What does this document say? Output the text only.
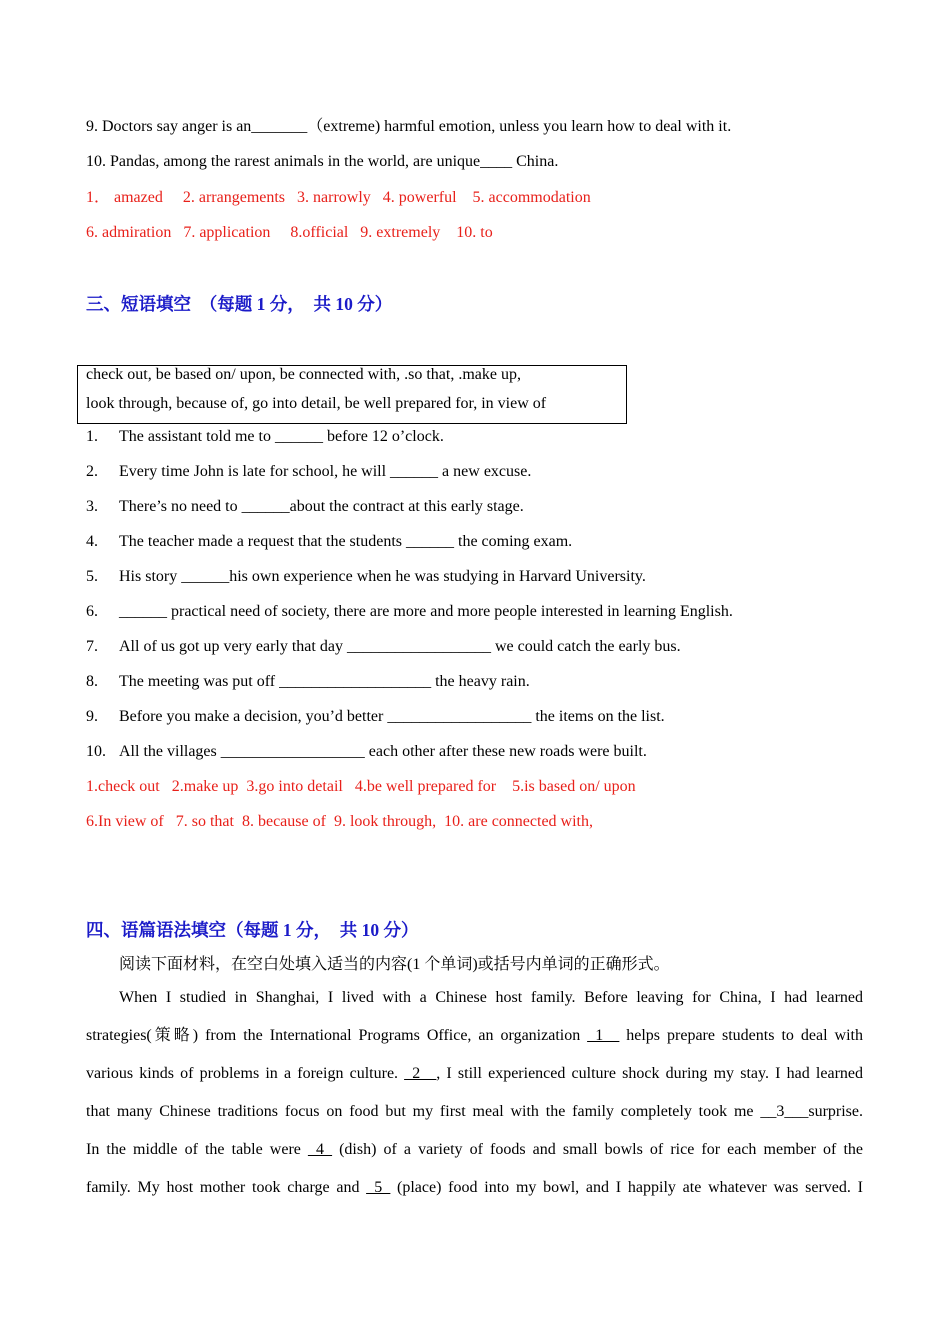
9. Doctors say anger is an_______（extreme) harmful emotion, unless you learn how to deal with it.
10. Pandas, among the rarest animals in the world, are unique____ China.
1． amazed     2. arrangements   3. narrowly   4. powerful    5. accommodation
6. admiration   7. application     8.official   9. extremely    10. to
三、短语填空  （每题 1 分，  共 10 分）
check out, be based on/ upon, be connected with, .so that, .make up,
look through, because of, go into detail, be well prepared for, in view of
1. The assistant told me to ______ before 12 o’clock.
2. Every time John is late for school, he will ______ a new excuse.
3. There’s no need to ______about the contract at this early stage.
4. The teacher made a request that the students ______ the coming exam.
5. His story ______his own experience when he was studying in Harvard University.
6. ______ practical need of society, there are more and more people interested in learning English.
7. All of us got up very early that day __________________ we could catch the early bus.
8. The meeting was put off ___________________ the heavy rain.
9. Before you make a decision, you’d better __________________ the items on the list.
10. All the villages __________________ each other after these new roads were built.
1.check out   2.make up  3.go into detail   4.be well prepared for    5.is based on/ upon
6.In view of   7. so that  8. because of  9. look through,  10. are connected with,
四、语篇语法填空（每题 1 分，  共 10 分）
阅读下面材料，在空白处填入适当的内容(1 个单词)或括号内单词的正确形式。
When I studied in Shanghai, I lived with a Chinese host family. Before leaving for China, I had learned
strategies(策略) from the International Programs Office, an organization _1__ helps prepare students to deal with
various kinds of problems in a foreign culture. _2__, I still experienced culture shock during my stay. I had learned
that many Chinese traditions focus on food but my first meal with the family completely took me __3___surprise.
In the middle of the table were _4_ (dish) of a variety of foods and small bowls of rice for each member of the
family. My host mother took charge and _5_ (place) food into my bowl, and I happily ate whatever was served. I
